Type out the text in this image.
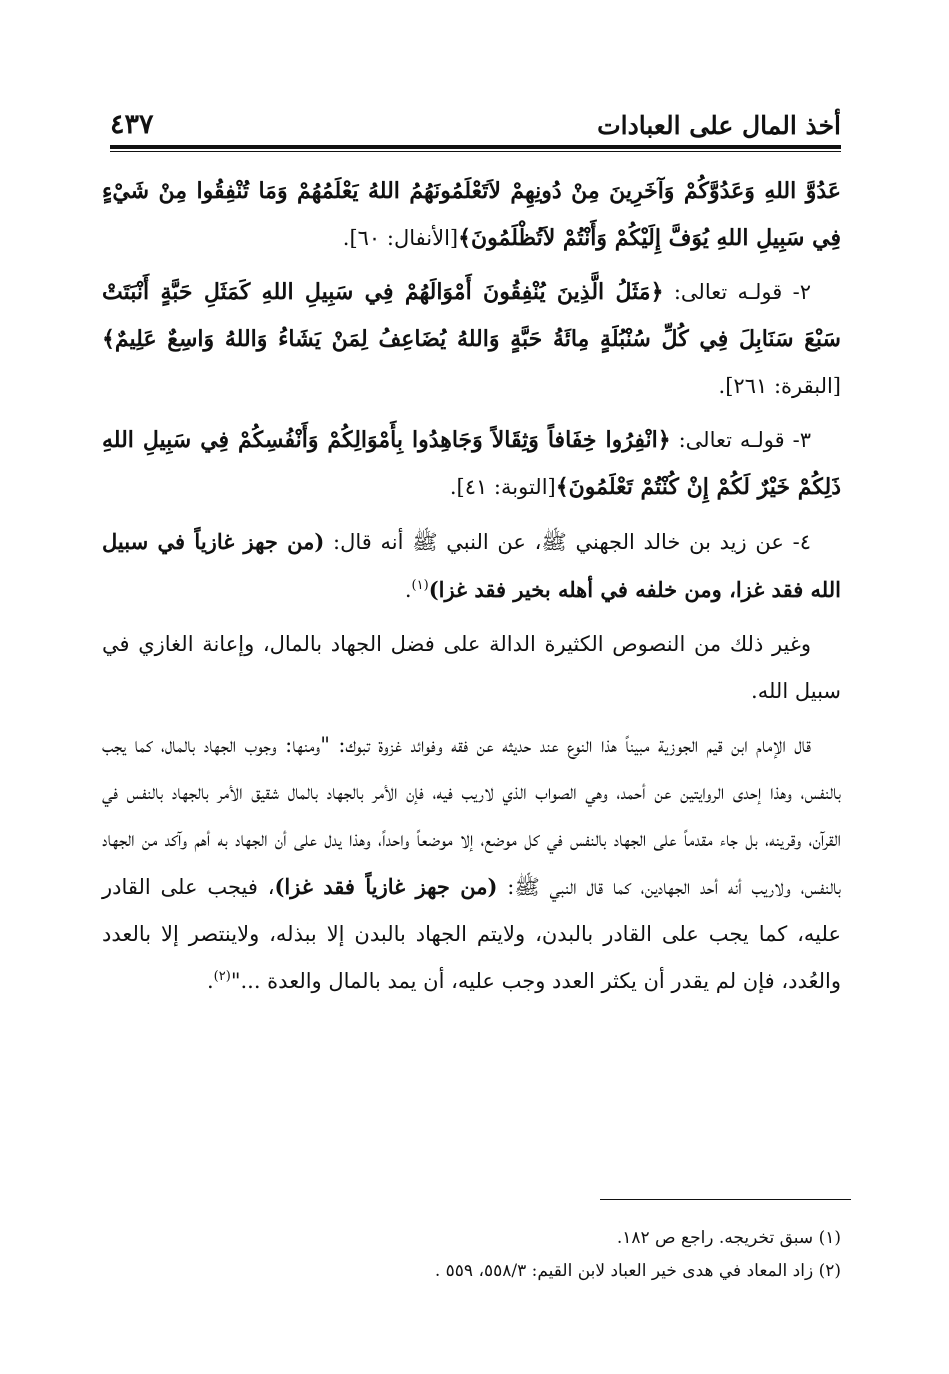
أخذ المال على العبادات
٤٣٧

عَدُوَّ اللهِ وَعَدُوَّكُمْ وَآخَرِينَ مِنْ دُونِهِمْ لاَتَعْلَمُونَهُمُ اللهُ يَعْلَمُهُمْ وَمَا تُنْفِقُوا مِنْ شَيْءٍ فِي سَبِيلِ اللهِ يُوَفَّ إِلَيْكُمْ وَأَنْتُمْ لاَتُظْلَمُونَ﴾[الأنفال: ٦٠].

٢- قولـه تعالى: ﴿مَثَلُ الَّذِينَ يُنْفِقُونَ أَمْوَالَهُمْ فِي سَبِيلِ اللهِ كَمَثَلِ حَبَّةٍ أَنْبَتَتْ سَبْعَ سَنَابِلَ فِي كُلِّ سُنْبُلَةٍ مِائَةُ حَبَّةٍ وَاللهُ يُضَاعِفُ لِمَنْ يَشَاءُ وَاللهُ وَاسِعٌ عَلِيمٌ﴾ [البقرة: ٢٦١].

٣- قولـه تعالى: ﴿انْفِرُوا خِفَافاً وَثِقَالاً وَجَاهِدُوا بِأَمْوَالِكُمْ وَأَنْفُسِكُمْ فِي سَبِيلِ اللهِ ذَلِكُمْ خَيْرٌ لَكُمْ إِنْ كُنْتُمْ تَعْلَمُونَ﴾[التوبة: ٤١].

٤- عن زيد بن خالد الجهني ﷺ، عن النبي ﷺ أنه قال: (من جهز غازياً في سبيل الله فقد غزا، ومن خلفه في أهله بخير فقد غزا)$^{(١)}$.

وغير ذلك من النصوص الكثيرة الدالة على فضل الجهاد بالمال، وإعانة الغازي في سبيل الله.

قال الإمام ابن قيم الجوزية مبيناً هذا النوع عند حديثه عن فقه وفوائد غزوة تبوك: "ومنها: وجوب الجهاد بالمال، كما يجب بالنفس، وهذا إحدى الروايتين عن أحمد، وهي الصواب الذي لاريب فيه، فإن الأمر بالجهاد بالمال شقيق الأمر بالجهاد بالنفس في القرآن، وقرينه، بل جاء مقدماً على الجهاد بالنفس في كل موضع، إلا موضعاً واحداً، وهذا يدل على أن الجهاد به أهم وآكد من الجهاد بالنفس، ولاريب أنه أحد الجهادين، كما قال النبي ﷺ: (من جهز غازياً فقد غزا)، فيجب على القادر عليه، كما يجب على القادر بالبدن، ولايتم الجهاد بالبدن إلا ببذله، ولاينتصر إلا بالعدد والعُدد، فإن لم يقدر أن يكثر العدد وجب عليه، أن يمد بالمال والعدة ..."$^{(٢)}$.

(١) سبق تخريجه. راجع ص ١٨٢.

(٢) زاد المعاد في هدى خير العباد لابن القيم: ٥٥٨/٣، ٥٥٩ .
